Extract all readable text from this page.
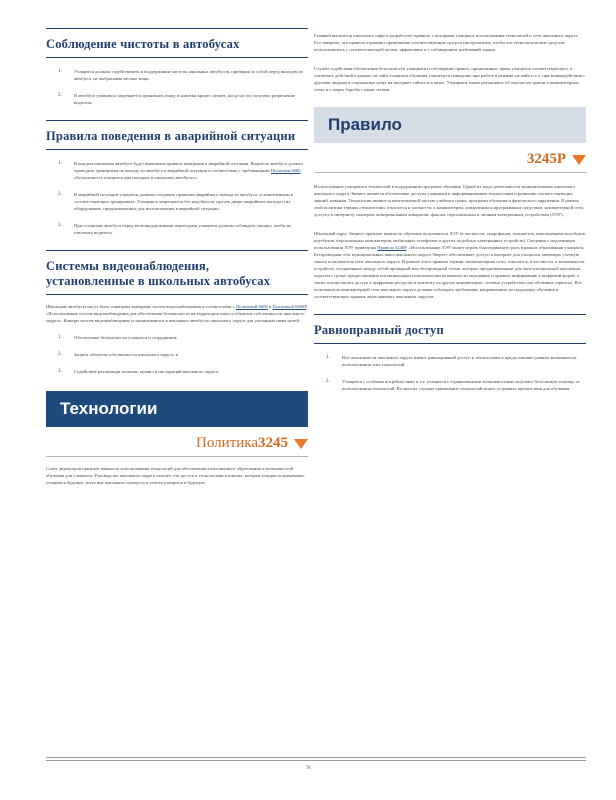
Соблюдение чистоты в автобусах
1.	Учащиеся должны содействовать в поддержании чистоты школьных автобусов, прибирая за собой перед выходом из автобуса, не выбрасывая мелкие вещи.
2.	В автобусе учащимся запрещается принимать пищу и напитки кроме случаев, когда на это получено разрешение водителя.
Правила поведения в аварийной ситуации
1.	В каждом школьном автобусе будут вывешены правила поведения в аварийной ситуации. Водитель автобуса должен проводить тренировки по выходу из автобуса в аварийной ситуации в соответствии с требованиями Политики 6600, «Безопасность учащихся при поездках в школьных автобусах».
2.	В аварийной ситуации учащиеся должны следовать правилам аварийного выхода из автобуса, установленным в соответствующих тренировках. Учащимся запрещается без надобности трогать двери аварийного выхода и их оборудование, предназначенное для использования в аварийной ситуации.
3.	При остановке автобуса перед железнодорожными переездами учащиеся должны соблюдать тишину, чтобы не отвлекать водителя.
Системы видеонаблюдения,
установленные в школьных автобусах

Школьные автобусы могут быть оснащены камерами систем видеонаблюдения в соответствии с Политикой 6600 и Политикой 6600Р, «Использование систем видеонаблюдения для обеспечения безопасности на территории школ и объектов собственности школьного округа». Камеры систем видеонаблюдения устанавливаются в школьных автобусах школьного округа для указанных ниже целей:

1.	Обеспечение безопасности учащихся и сотрудников;
2.	Защита объектов собственности школьного округа; и
3.	Содействие реализации политик, правил и инструкций школьного округа.
Технологии
Политика3245

Совет директоров признает важность использования технологий для обеспечения качественного образования и возможностей обучения для учащихся. Руководство школьного округа считает, что доступ к технологиям в школах, которые учащиеся применяют, учащимся будущее, всего вне школьного процесса и успеха учащихся в будущем.

Главный инспектор школьного округа разработает правила, с которыми учащихся использования технологий и сети школьного округа. Его заверено, что правила отражают применение соответствующих средств инструментов, чтобы эти технологические средства использовались с соответствующей целью, эффективно и с соблюдением требований закона.

Служба содействия обеспечения безопасности учащимся и соблюдение правил, пронизанные, права учащихся соответствующего, в этических действий в рамках он-лайн учащихся обучения учащемуся поведение при работе в режиме он-лайн и т.п. при взаимодействии с другими людьми в социальных сетях на интернет-сайтах и в чатах. Учащимся также разъясняют об опасности травли в компьютерных сетях и о мерах борьбы с ними сетями.

Правило
3245Р

Использование учащимися технологий в поддержании программ обучения. Одной из задач деятельности муниципальных школьного школьного округа Эверетт является обеспечение доступа учащимся к информационным технологиям и развитию соответствующих знаний, навыков. Технологии являются неотъемлемой частью учебного плана, программ обучения и физического окружения. В рамках этой политики термин «технологии» относится к частности, к компьютерам, аппаратным и программным средствам, компьютерной сети, доступу к интернету, сканерам, копировальным аппаратам, факсам, персональным и личным электронным устройствам (ЛЭУ).

Школьный округ Эверетт признает важность обучения пользоваться ЛЭУ (в частности, смартфонов, планшетов, персональных ноутбуков, ноутбуков, персональных компьютеров, мобильных телефонов и других подобных электронных устройств). Сведения о надлежащем использовании ЛЭУ приведены Правила 3246Р, «Использование ЛЭУ может играть благоприятную роль в рамках образования учащихся. Беспроводная сеть муниципальных школ школьного округа Эверетт обеспечивает доступ в интернет для учащихся, имеющих учетную запись пользователя сети школьного округа. В рамках этого правила термин «компьютерная сеть» относится, в частности, к возможности устройств, соединенных между собой проводной или беспроводной сетью, которые предназначенные для эксплуатационной школьным округом с целью предоставления потенциальным пользователям возможности передавать и хранить информацию в цифровой форме, а также осуществлять доступ к цифровым ресурсам и контенту на других компьютерах, сетевых устройствах или облачных сервисах. Все пользователи компьютерной сети школьного округа должны соблюдать требования, направленные на поддержку обучения и соответствующие задачам, выполняемых школьным округом.

Равноправный доступ
1.	Все пользователи школьного округа имеют равноправный доступ к технологиям и предоставляют равные возможности использования этих технологий.
2.	Учащиеся с особыми потребностями и т.ч. учащиеся с ограниченными возможностями получают бесплатную помощь от использования технологий. Во многих случаях применение технологий может устранить препятствия для обучения.
78
